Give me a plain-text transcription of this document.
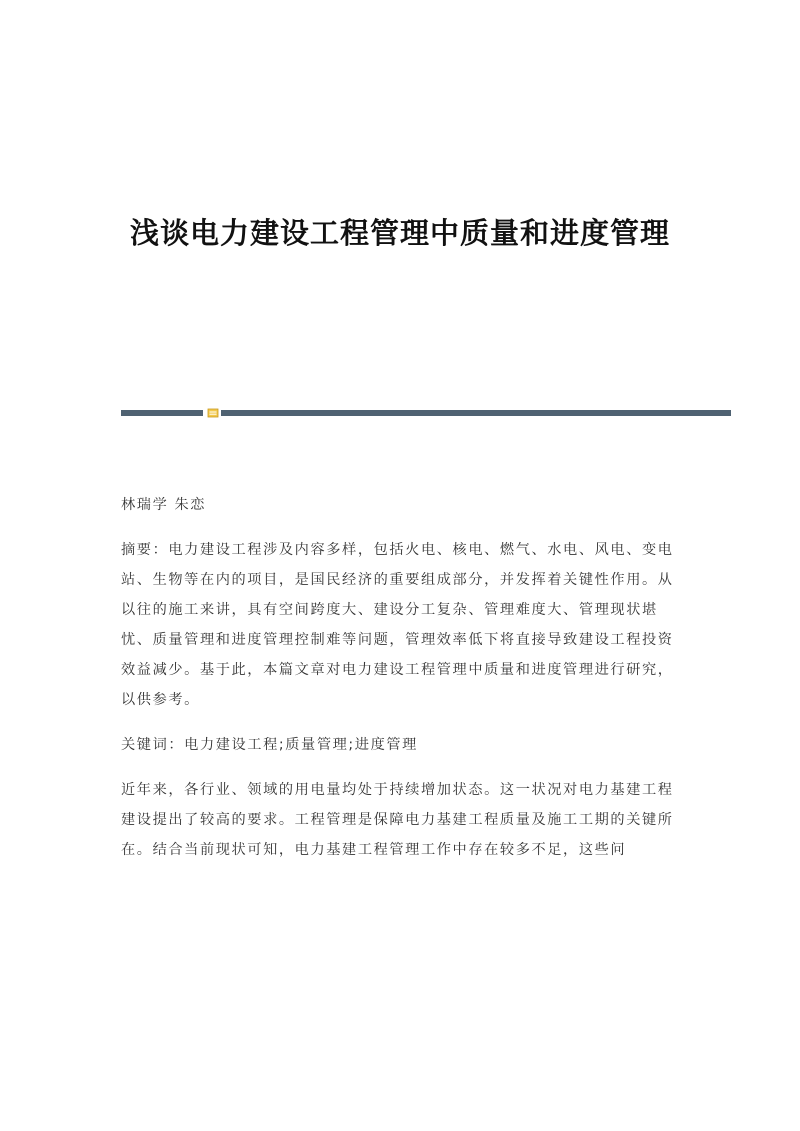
浅谈电力建设工程管理中质量和进度管理

林瑞学 朱恋

摘要：电力建设工程涉及内容多样，包括火电、核电、燃气、水电、风电、变电站、生物等在内的项目，是国民经济的重要组成部分，并发挥着关键性作用。从以往的施工来讲，具有空间跨度大、建设分工复杂、管理难度大、管理现状堪忧、质量管理和进度管理控制难等问题，管理效率低下将直接导致建设工程投资效益减少。基于此，本篇文章对电力建设工程管理中质量和进度管理进行研究，以供参考。

关键词：电力建设工程;质量管理;进度管理

近年来，各行业、领域的用电量均处于持续增加状态。这一状况对电力基建工程建设提出了较高的要求。工程管理是保障电力基建工程质量及施工工期的关键所在。结合当前现状可知，电力基建工程管理工作中存在较多不足，这些问
